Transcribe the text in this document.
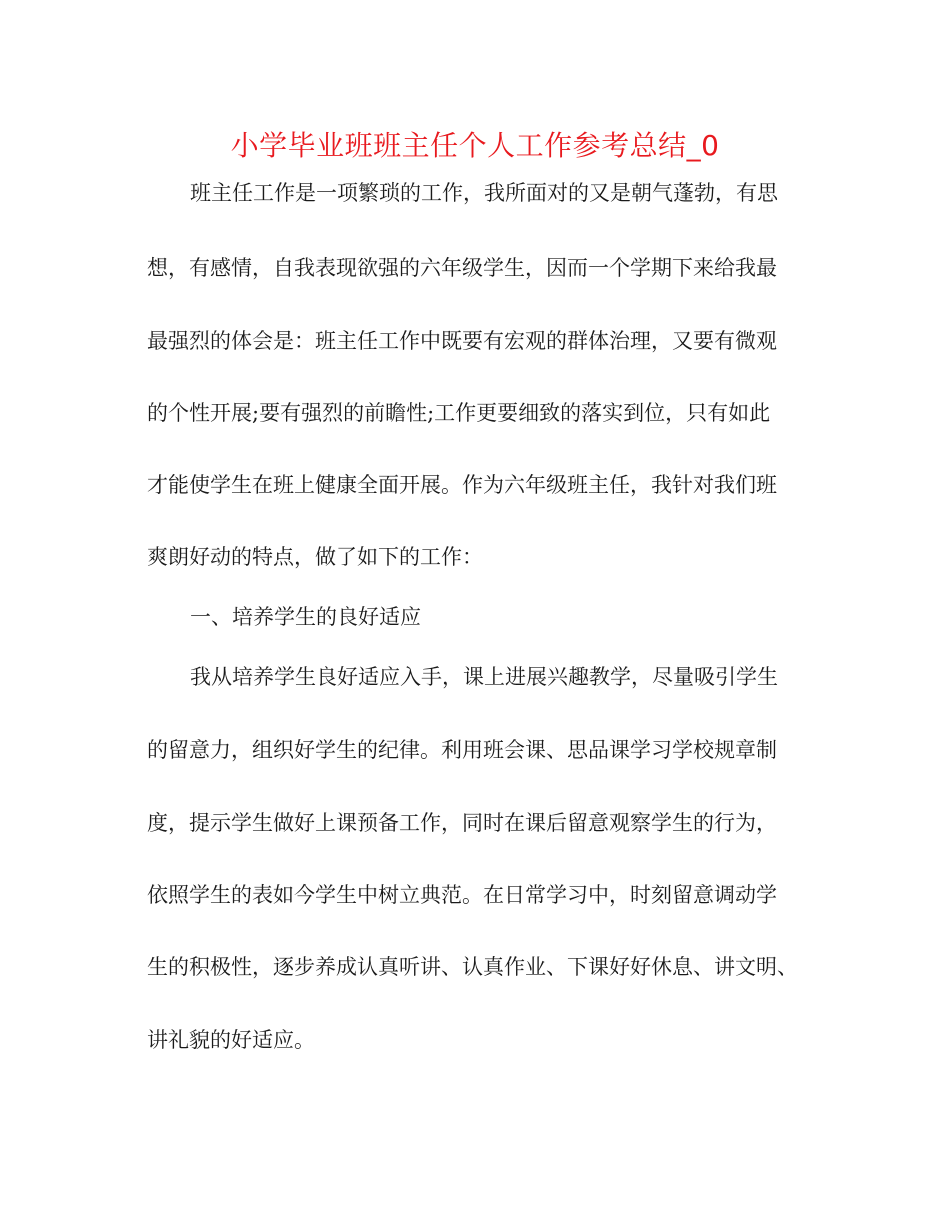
小学毕业班班主任个人工作参考总结_0

班主任工作是一项繁琐的工作，我所面对的又是朝气蓬勃，有思

想，有感情，自我表现欲强的六年级学生，因而一个学期下来给我最

最强烈的体会是：班主任工作中既要有宏观的群体治理，又要有微观

的个性开展;要有强烈的前瞻性;工作更要细致的落实到位，只有如此

才能使学生在班上健康全面开展。作为六年级班主任，我针对我们班

爽朗好动的特点，做了如下的工作：

一、培养学生的良好适应

我从培养学生良好适应入手，课上进展兴趣教学，尽量吸引学生

的留意力，组织好学生的纪律。利用班会课、思品课学习学校规章制

度，提示学生做好上课预备工作，同时在课后留意观察学生的行为，

依照学生的表如今学生中树立典范。在日常学习中，时刻留意调动学

生的积极性，逐步养成认真听讲、认真作业、下课好好休息、讲文明、

讲礼貌的好适应。
